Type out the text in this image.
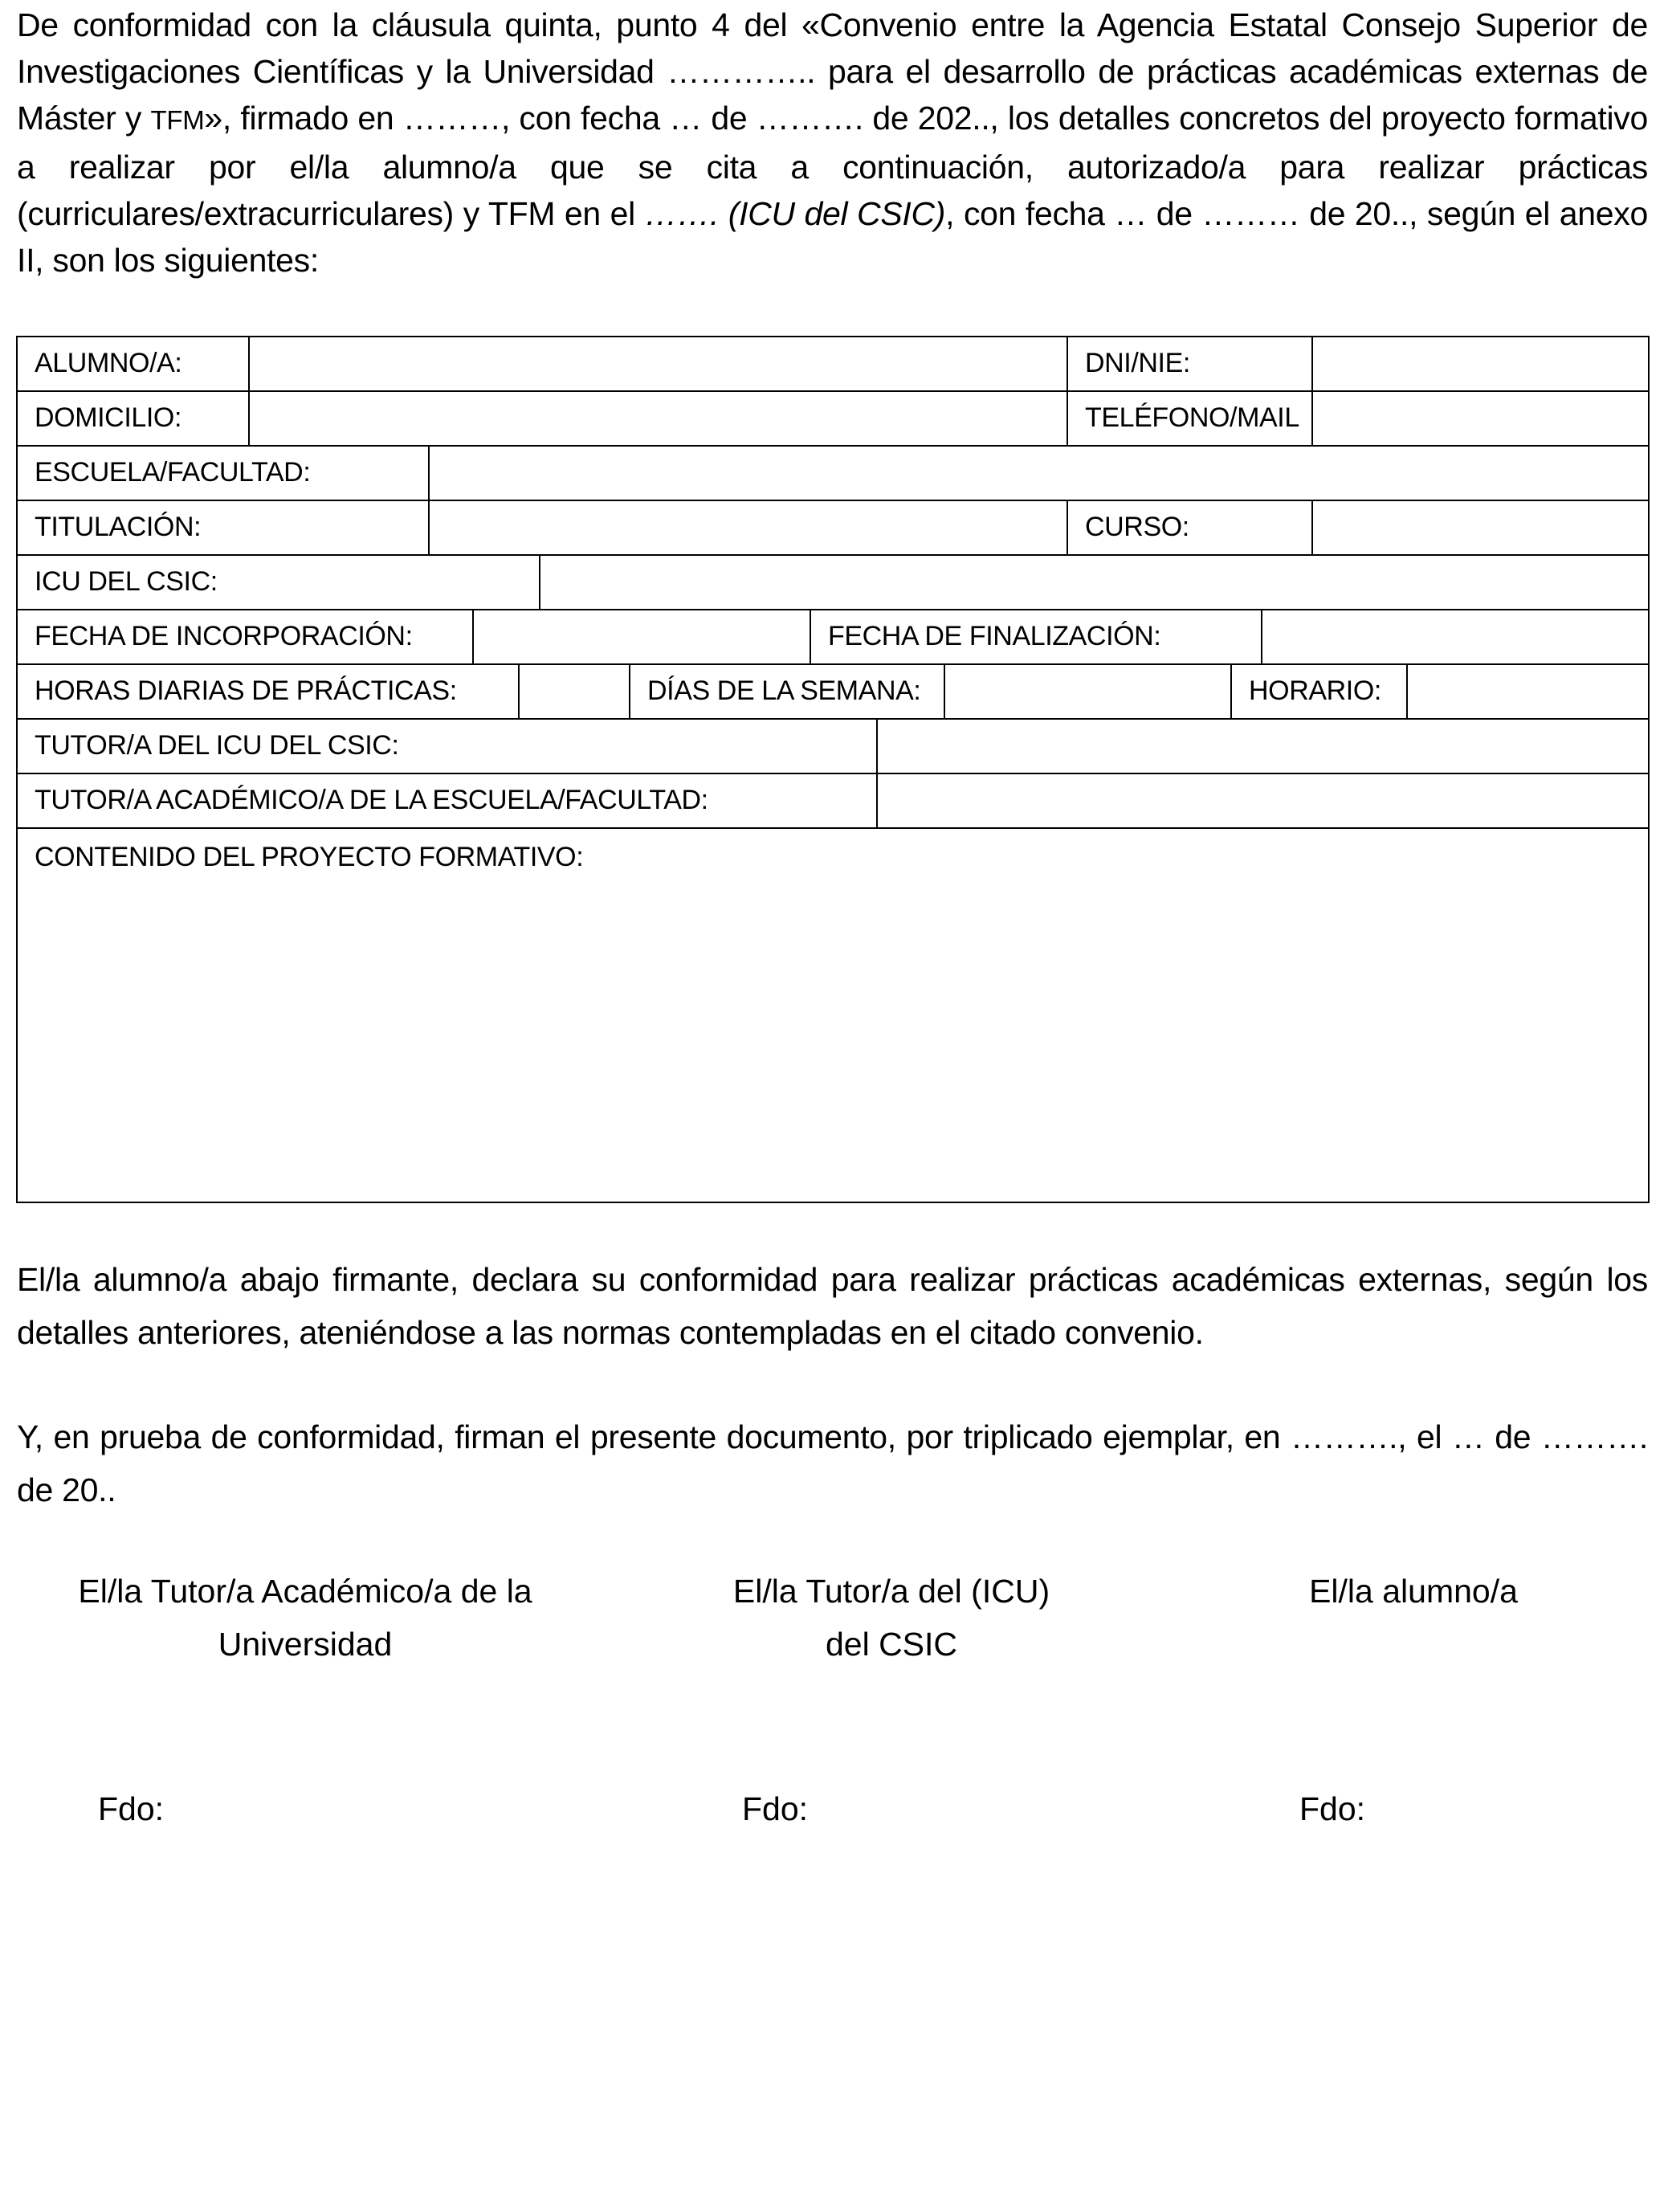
De conformidad con la cláusula quinta, punto 4 del «Convenio entre la Agencia Estatal Consejo Superior de Investigaciones Científicas y la Universidad ………….. para el desarrollo de prácticas académicas externas de Máster y TFM», firmado en ………, con fecha … de ………. de 202.., los detalles concretos del proyecto formativo a realizar por el/la alumno/a que se cita a continuación, autorizado/a para realizar prácticas (curriculares/extracurriculares) y TFM en el ……. (ICU del CSIC), con fecha … de ……… de 20.., según el anexo II, son los siguientes:
ALUMNO/A:	DNI/NIE:
DOMICILIO:	TELÉFONO/MAIL
ESCUELA/FACULTAD:
TITULACIÓN:	CURSO:
ICU DEL CSIC:
FECHA DE INCORPORACIÓN:	FECHA DE FINALIZACIÓN:
HORAS DIARIAS DE PRÁCTICAS:	DÍAS DE LA SEMANA:	HORARIO:
TUTOR/A DEL ICU DEL CSIC:
TUTOR/A ACADÉMICO/A DE LA ESCUELA/FACULTAD:
CONTENIDO DEL PROYECTO FORMATIVO:
El/la alumno/a abajo firmante, declara su conformidad para realizar prácticas académicas externas, según los detalles anteriores, ateniéndose a las normas contempladas en el citado convenio.
Y, en prueba de conformidad, firman el presente documento, por triplicado ejemplar, en ………., el … de ………. de 20..
El/la Tutor/a Académico/a de la
Universidad
El/la Tutor/a del (ICU)
del CSIC
El/la alumno/a
Fdo:	Fdo:	Fdo:
